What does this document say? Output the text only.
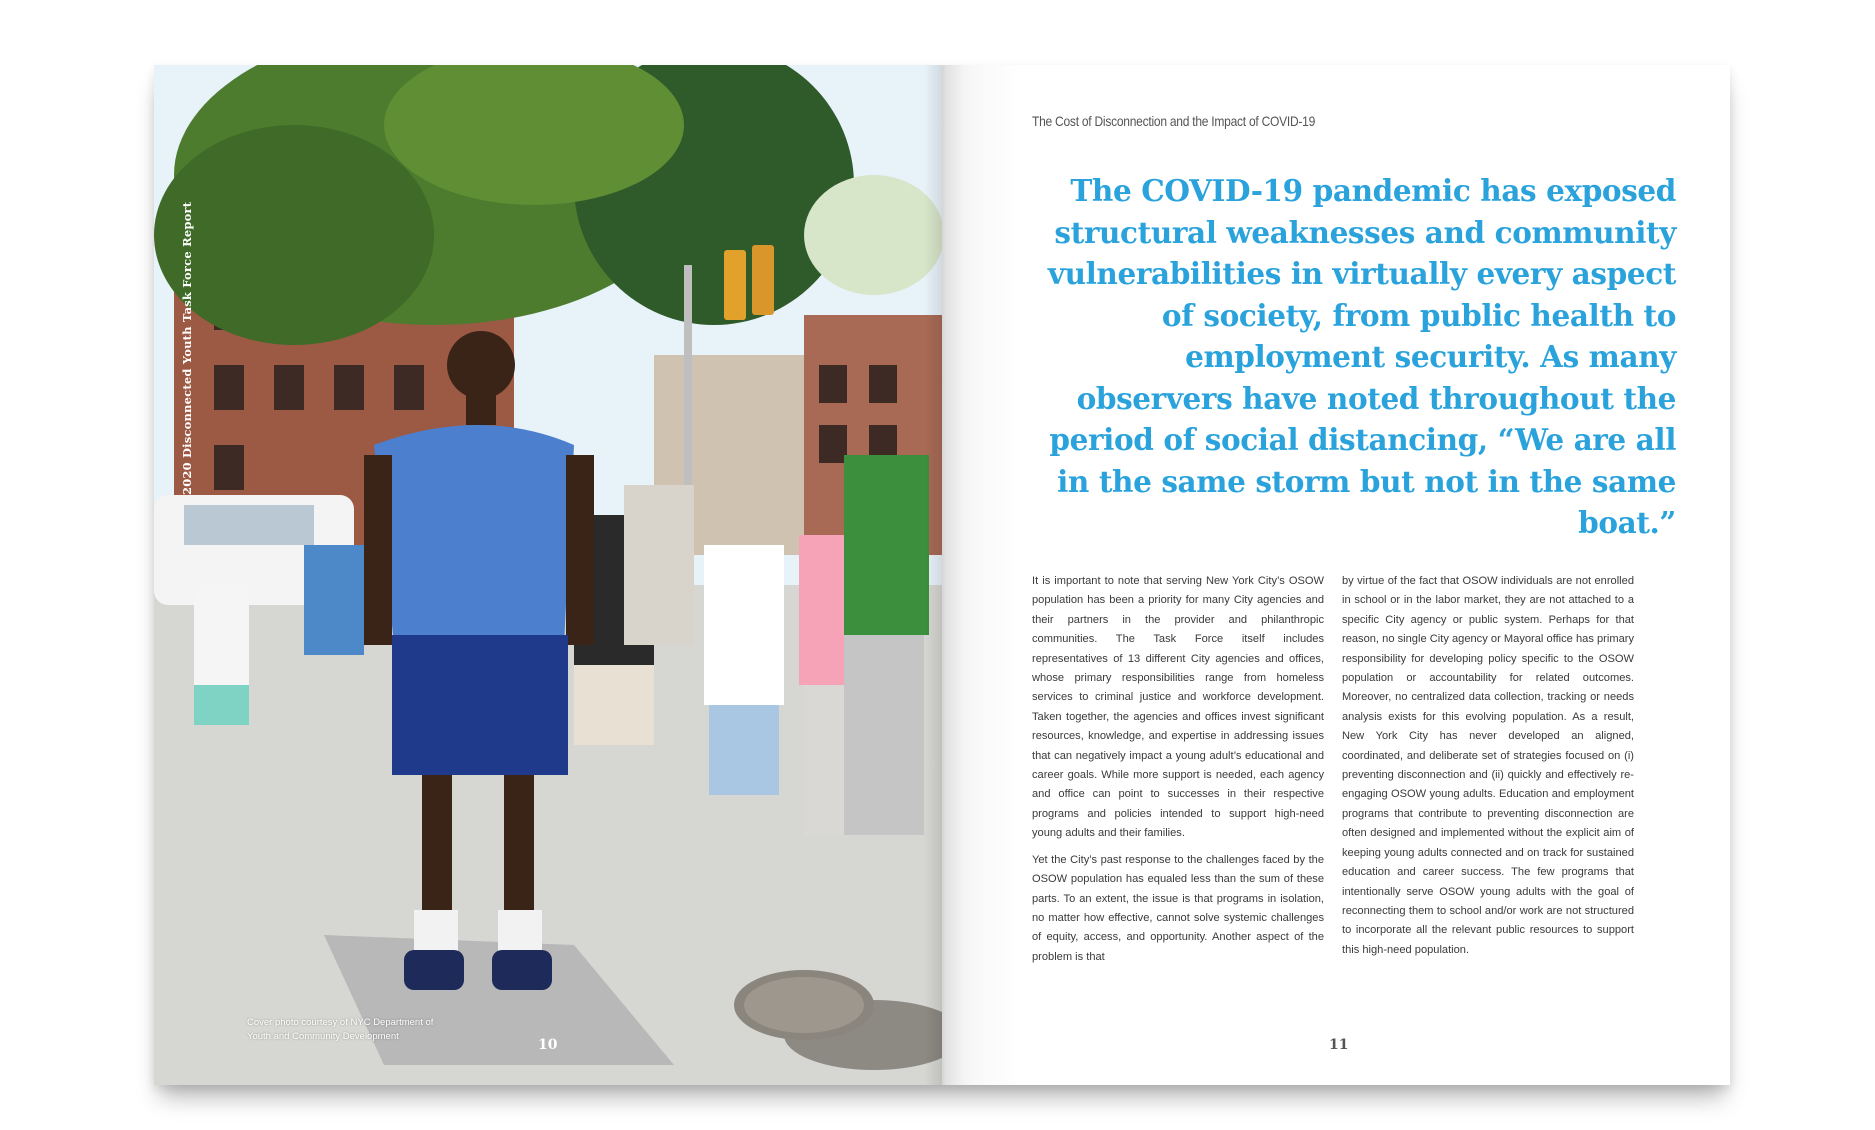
2020 Disconnected Youth Task Force Report
Cover photo courtesy of NYC Department of Youth and Community Development
10
The Cost of Disconnection and the Impact of COVID-19
The COVID-19 pandemic has exposed structural weaknesses and community vulnerabilities in virtually every aspect of society, from public health to employment security. As many observers have noted throughout the period of social distancing, “We are all in the same storm but not in the same boat.”

It is important to note that serving New York City’s OSOW population has been a priority for many City agencies and their partners in the provider and philanthropic communities. The Task Force itself includes representatives of 13 different City agencies and offices, whose primary responsibilities range from homeless services to criminal justice and workforce development. Taken together, the agencies and offices invest significant resources, knowledge, and expertise in addressing issues that can negatively impact a young adult’s educational and career goals. While more support is needed, each agency and office can point to successes in their respective programs and policies intended to support high-need young adults and their families.

Yet the City’s past response to the challenges faced by the OSOW population has equaled less than the sum of these parts. To an extent, the issue is that programs in isolation, no matter how effective, cannot solve systemic challenges of equity, access, and opportunity. Another aspect of the problem is that

by virtue of the fact that OSOW individuals are not enrolled in school or in the labor market, they are not attached to a specific City agency or public system. Perhaps for that reason, no single City agency or Mayoral office has primary responsibility for developing policy specific to the OSOW population or accountability for related outcomes. Moreover, no centralized data collection, tracking or needs analysis exists for this evolving population. As a result, New York City has never developed an aligned, coordinated, and deliberate set of strategies focused on (i) preventing disconnection and (ii) quickly and effectively re-engaging OSOW young adults. Education and employment programs that contribute to preventing disconnection are often designed and implemented without the explicit aim of keeping young adults connected and on track for sustained education and career success. The few programs that intentionally serve OSOW young adults with the goal of reconnecting them to school and/or work are not structured to incorporate all the relevant public resources to support this high-need population.

11
